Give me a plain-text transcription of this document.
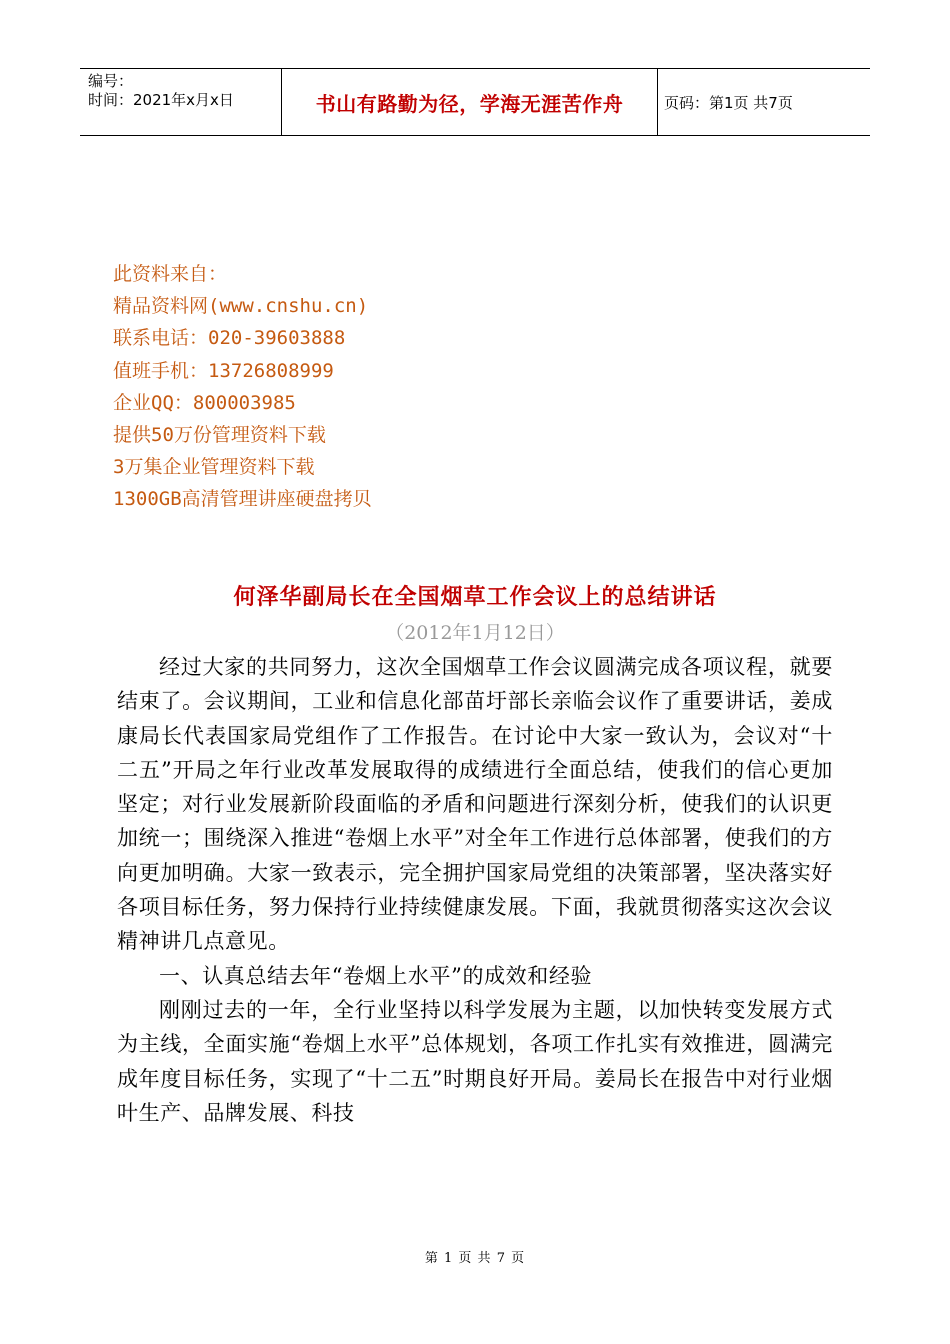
编号：
时间：2021年x月x日	书山有路勤为径，学海无涯苦作舟	页码：第1页 共7页
此资料来自：
精品资料网(www.cnshu.cn)
联系电话：020-39603888
值班手机：13726808999
企业QQ：800003985
提供50万份管理资料下载
3万集企业管理资料下载
1300GB高清管理讲座硬盘拷贝
何泽华副局长在全国烟草工作会议上的总结讲话
（2012年1月12日）

经过大家的共同努力，这次全国烟草工作会议圆满完成各项议程，就要结束了。会议期间，工业和信息化部苗圩部长亲临会议作了重要讲话，姜成康局长代表国家局党组作了工作报告。在讨论中大家一致认为，会议对“十二五”开局之年行业改革发展取得的成绩进行全面总结，使我们的信心更加坚定；对行业发展新阶段面临的矛盾和问题进行深刻分析，使我们的认识更加统一；围绕深入推进“卷烟上水平”对全年工作进行总体部署，使我们的方向更加明确。大家一致表示，完全拥护国家局党组的决策部署，坚决落实好各项目标任务，努力保持行业持续健康发展。下面，我就贯彻落实这次会议精神讲几点意见。

一、认真总结去年“卷烟上水平”的成效和经验

刚刚过去的一年，全行业坚持以科学发展为主题，以加快转变发展方式为主线，全面实施“卷烟上水平”总体规划，各项工作扎实有效推进，圆满完成年度目标任务，实现了“十二五”时期良好开局。姜局长在报告中对行业烟叶生产、品牌发展、科技

第 1 页 共 7 页
